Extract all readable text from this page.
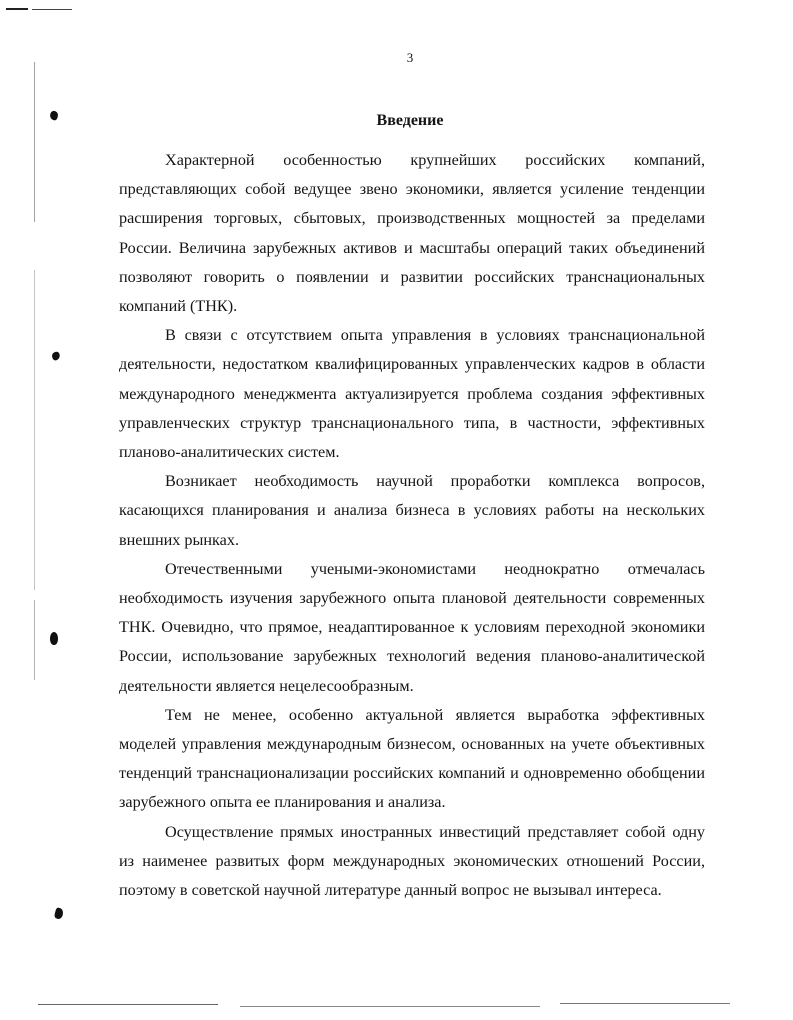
3
Введение

Характерной особенностью крупнейших российских компаний, представляющих собой ведущее звено экономики, является усиление тенденции расширения торговых, сбытовых, производственных мощностей за пределами России. Величина зарубежных активов и масштабы операций таких объединений позволяют говорить о появлении и развитии российских транснациональных компаний (ТНК).

В связи с отсутствием опыта управления в условиях транснациональной деятельности, недостатком квалифицированных управленческих кадров в области международного менеджмента актуализируется проблема создания эффективных управленческих структур транснационального типа, в частности, эффективных планово-аналитических систем.

Возникает необходимость научной проработки комплекса вопросов, касающихся планирования и анализа бизнеса в условиях работы на нескольких внешних рынках.

Отечественными учеными-экономистами неоднократно отмечалась необходимость изучения зарубежного опыта плановой деятельности современных ТНК. Очевидно, что прямое, неадаптированное к условиям переходной экономики России, использование зарубежных технологий ведения планово-аналитической деятельности является нецелесообразным.

Тем не менее, особенно актуальной является выработка эффективных моделей управления международным бизнесом, основанных на учете объективных тенденций транснационализации российских компаний и одновременно обобщении зарубежного опыта ее планирования и анализа.

Осуществление прямых иностранных инвестиций представляет собой одну из наименее развитых форм международных экономических отношений России, поэтому в советской научной литературе данный вопрос не вызывал интереса.
